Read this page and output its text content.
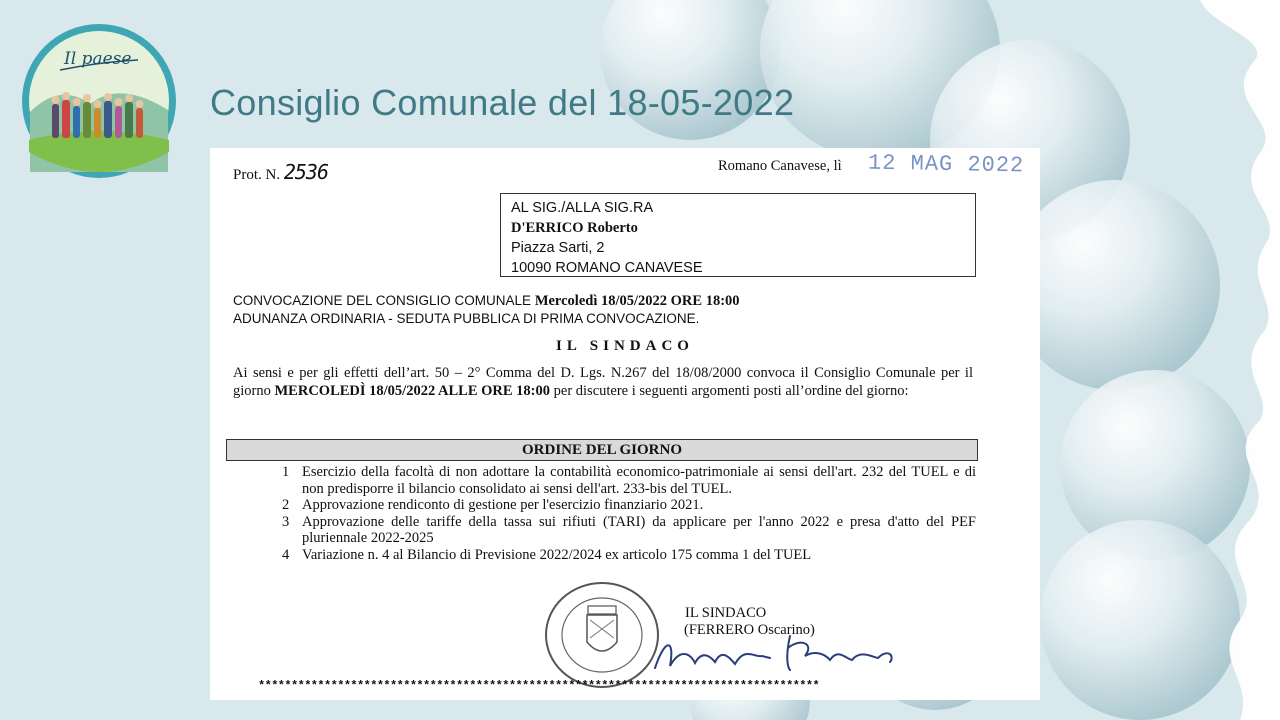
Il paese
Consiglio Comunale del 18-05-2022
Prot. N. 2536	Romano Canavese, lì 12 MAG 2022
AL SIG./ALLA SIG.RA
D'ERRICO Roberto
Piazza Sarti, 2
10090 ROMANO CANAVESE
CONVOCAZIONE DEL CONSIGLIO COMUNALE Mercoledì 18/05/2022 ORE 18:00
ADUNANZA ORDINARIA - SEDUTA PUBBLICA DI PRIMA CONVOCAZIONE.
IL SINDACO
Ai sensi e per gli effetti dell’art. 50 – 2° Comma del D. Lgs. N.267 del 18/08/2000 convoca il Consiglio Comunale per il giorno MERCOLEDÌ 18/05/2022 ALLE ORE 18:00 per discutere i seguenti argomenti posti all’ordine del giorno:
ORDINE DEL GIORNO
1 Esercizio della facoltà di non adottare la contabilità economico-patrimoniale ai sensi dell'art. 232 del TUEL e di non predisporre il bilancio consolidato ai sensi dell'art. 233-bis del TUEL.
2 Approvazione rendiconto di gestione per l'esercizio finanziario 2021.
3 Approvazione delle tariffe della tassa sui rifiuti (TARI) da applicare per l'anno 2022 e presa d'atto del PEF pluriennale 2022-2025
4 Variazione n. 4 al Bilancio di Previsione 2022/2024 ex articolo 175 comma 1 del TUEL
IL SINDACO
(FERRERO Oscarino)
*************************************************************************************
